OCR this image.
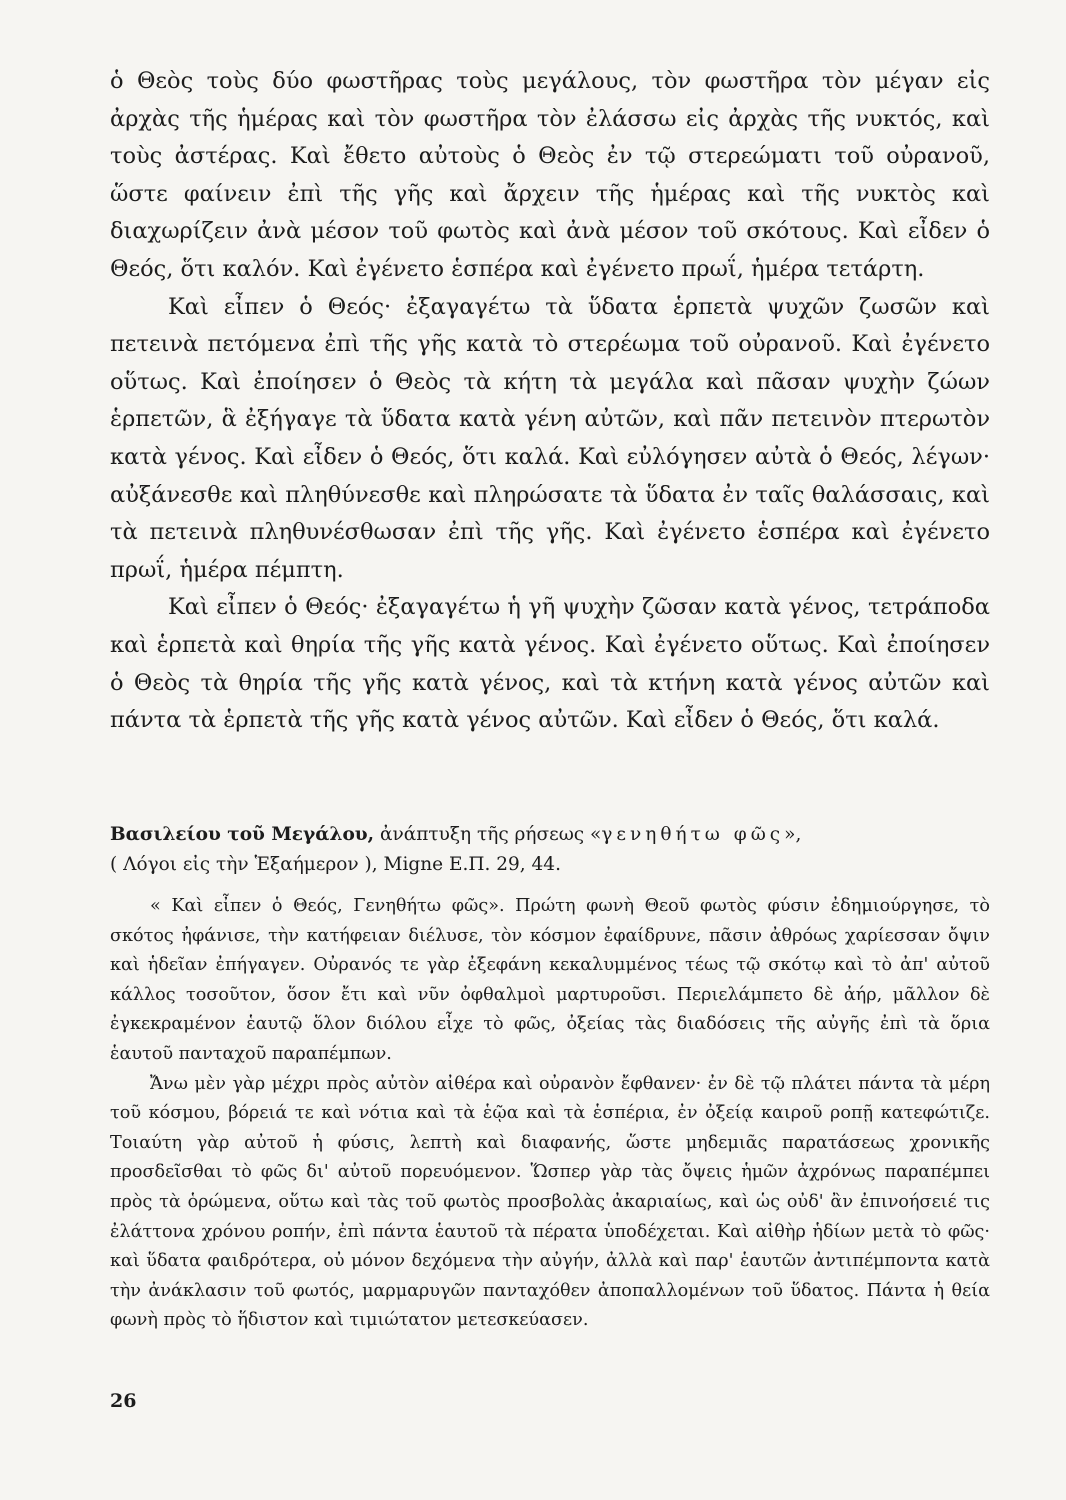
ὁ Θεὸς τοὺς δύο φωστῆρας τοὺς μεγάλους, τὸν φωστῆρα τὸν μέγαν εἰς ἀρχὰς τῆς ἡμέρας καὶ τὸν φωστῆρα τὸν ἐλάσσω εἰς ἀρχὰς τῆς νυκτός, καὶ τοὺς ἀστέρας. Καὶ ἔθετο αὐτοὺς ὁ Θεὸς ἐν τῷ στερεώματι τοῦ οὐρανοῦ, ὥστε φαίνειν ἐπὶ τῆς γῆς καὶ ἄρχειν τῆς ἡμέρας καὶ τῆς νυκτὸς καὶ διαχωρίζειν ἀνὰ μέσον τοῦ φωτὸς καὶ ἀνὰ μέσον τοῦ σκότους. Καὶ εἶδεν ὁ Θεός, ὅτι καλόν. Καὶ ἐγένετο ἑσπέρα καὶ ἐγένετο πρωΐ, ἡμέρα τετάρτη.

Καὶ εἶπεν ὁ Θεός· ἐξαγαγέτω τὰ ὕδατα ἑρπετὰ ψυχῶν ζωσῶν καὶ πετεινὰ πετόμενα ἐπὶ τῆς γῆς κατὰ τὸ στερέωμα τοῦ οὐρανοῦ. Καὶ ἐγένετο οὕτως. Καὶ ἐποίησεν ὁ Θεὸς τὰ κήτη τὰ μεγάλα καὶ πᾶσαν ψυχὴν ζώων ἑρπετῶν, ἃ ἐξήγαγε τὰ ὕδατα κατὰ γένη αὐτῶν, καὶ πᾶν πετεινὸν πτερωτὸν κατὰ γένος. Καὶ εἶδεν ὁ Θεός, ὅτι καλά. Καὶ εὐλόγησεν αὐτὰ ὁ Θεός, λέγων· αὐξάνεσθε καὶ πληθύνεσθε καὶ πληρώσατε τὰ ὕδατα ἐν ταῖς θαλάσσαις, καὶ τὰ πετεινὰ πληθυνέσθωσαν ἐπὶ τῆς γῆς. Καὶ ἐγένετο ἑσπέρα καὶ ἐγένετο πρωΐ, ἡμέρα πέμπτη.

Καὶ εἶπεν ὁ Θεός· ἐξαγαγέτω ἡ γῆ ψυχὴν ζῶσαν κατὰ γένος, τετράποδα καὶ ἑρπετὰ καὶ θηρία τῆς γῆς κατὰ γένος. Καὶ ἐγένετο οὕτως. Καὶ ἐποίησεν ὁ Θεὸς τὰ θηρία τῆς γῆς κατὰ γένος, καὶ τὰ κτήνη κατὰ γένος αὐτῶν καὶ πάντα τὰ ἑρπετὰ τῆς γῆς κατὰ γένος αὐτῶν. Καὶ εἶδεν ὁ Θεός, ὅτι καλά.

Βασιλείου τοῦ Μεγάλου, ἀνάπτυξη τῆς ρήσεως «γενηθήτω φῶς»,
( Λόγοι εἰς τὴν Ἑξαήμερον ), Migne Ε.Π. 29, 44.

« Καὶ εἶπεν ὁ Θεός, Γενηθήτω φῶς». Πρώτη φωνὴ Θεοῦ φωτὸς φύσιν ἐδημιούργησε, τὸ σκότος ἠφάνισε, τὴν κατήφειαν διέλυσε, τὸν κόσμον ἐφαίδρυνε, πᾶσιν ἀθρόως χαρίεσσαν ὄψιν καὶ ἡδεῖαν ἐπήγαγεν. Οὐρανός τε γὰρ ἐξεφάνη κεκαλυμμένος τέως τῷ σκότῳ καὶ τὸ ἀπ' αὐτοῦ κάλλος τοσοῦτον, ὅσον ἔτι καὶ νῦν ὀφθαλμοὶ μαρτυροῦσι. Περιελάμπετο δὲ ἀήρ, μᾶλλον δὲ ἐγκεκραμένον ἑαυτῷ ὅλον διόλου εἶχε τὸ φῶς, ὀξείας τὰς διαδόσεις τῆς αὐγῆς ἐπὶ τὰ ὅρια ἑαυτοῦ πανταχοῦ παραπέμπων.

Ἄνω μὲν γὰρ μέχρι πρὸς αὐτὸν αἰθέρα καὶ οὐρανὸν ἔφθανεν· ἐν δὲ τῷ πλάτει πάντα τὰ μέρη τοῦ κόσμου, βόρειά τε καὶ νότια καὶ τὰ ἑῷα καὶ τὰ ἑσπέρια, ἐν ὀξείᾳ καιροῦ ροπῇ κατεφώτιζε. Τοιαύτη γὰρ αὐτοῦ ἡ φύσις, λεπτὴ καὶ διαφανής, ὥστε μηδεμιᾶς παρατάσεως χρονικῆς προσδεῖσθαι τὸ φῶς δι' αὐτοῦ πορευόμενον. Ὥσπερ γὰρ τὰς ὄψεις ἡμῶν ἀχρόνως παραπέμπει πρὸς τὰ ὁρώμενα, οὕτω καὶ τὰς τοῦ φωτὸς προσβολὰς ἀκαριαίως, καὶ ὡς οὐδ' ἂν ἐπινοήσειέ τις ἐλάττονα χρόνου ροπήν, ἐπὶ πάντα ἑαυτοῦ τὰ πέρατα ὑποδέχεται. Καὶ αἰθὴρ ἡδίων μετὰ τὸ φῶς· καὶ ὕδατα φαιδρότερα, οὐ μόνον δεχόμενα τὴν αὐγήν, ἀλλὰ καὶ παρ' ἑαυτῶν ἀντιπέμποντα κατὰ τὴν ἀνάκλασιν τοῦ φωτός, μαρμαρυγῶν πανταχόθεν ἀποπαλλομένων τοῦ ὕδατος. Πάντα ἡ θεία φωνὴ πρὸς τὸ ἥδιστον καὶ τιμιώτατον μετεσκεύασεν.

26
